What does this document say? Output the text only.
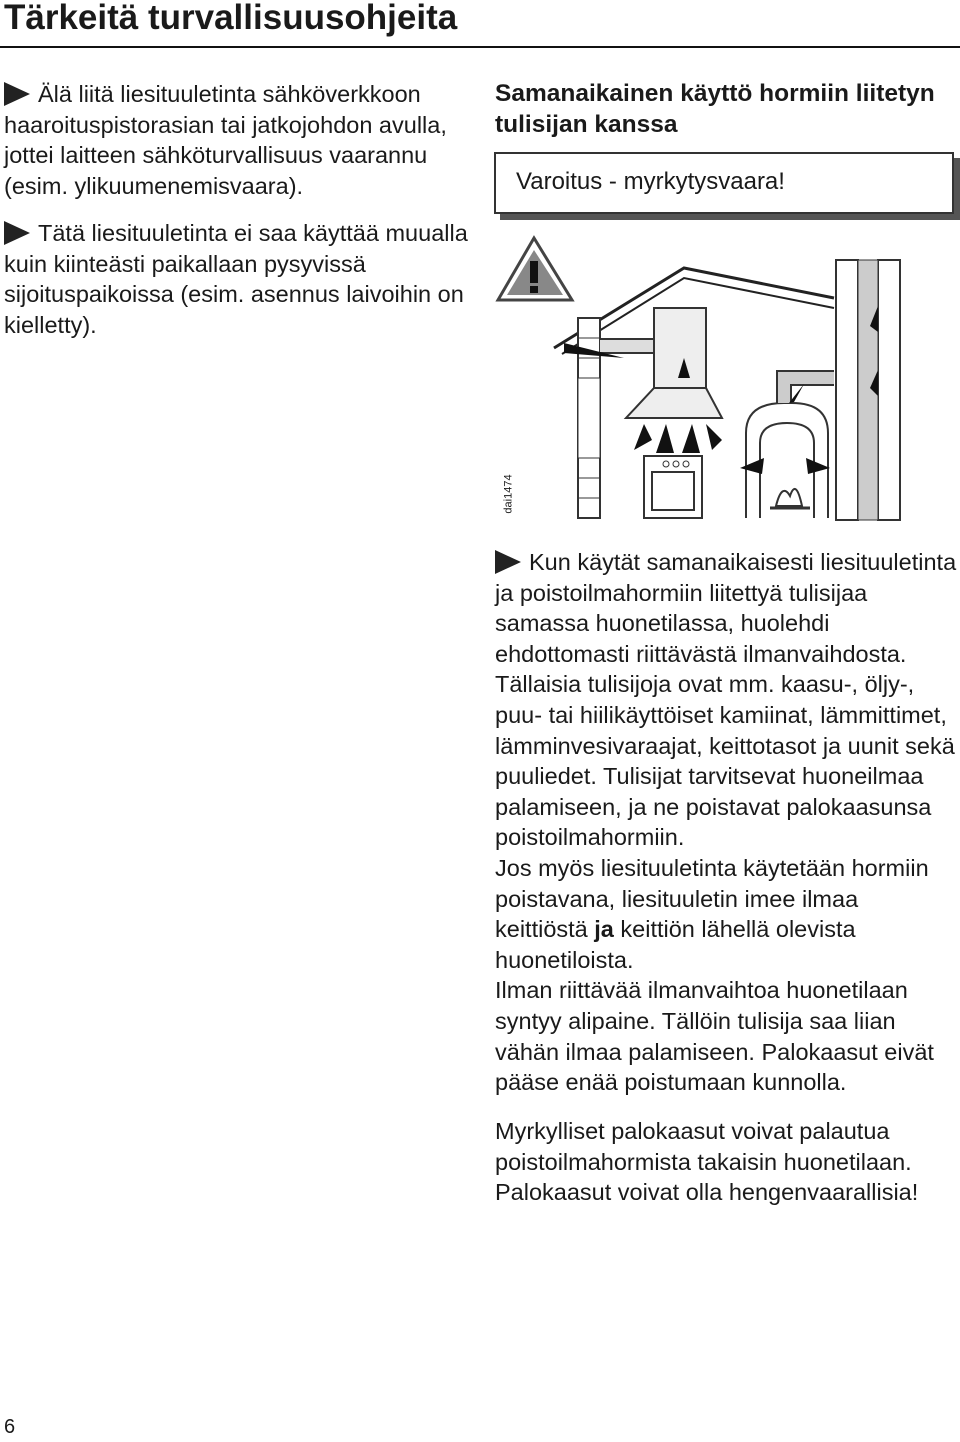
Tärkeitä turvallisuusohjeita

Älä liitä liesituuletinta sähköverkkoon haaroituspistorasian tai jatkojohdon avulla, jottei laitteen sähköturvallisuus vaarannu (esim. ylikuumenemisvaara).

Tätä liesituuletinta ei saa käyttää muualla kuin kiinteästi paikallaan pysyvissä sijoituspaikoissa (esim. asennus laivoihin on kielletty).

Samanaikainen käyttö hormiin liitetyn tulisijan kanssa
Varoitus - myrkytysvaara!
dai1474

Kun käytät samanaikaisesti liesituuletinta ja poistoilmahormiin liitettyä tulisijaa samassa huonetilassa, huolehdi ehdottomasti riittävästä ilmanvaihdosta. Tällaisia tulisijoja ovat mm. kaasu-, öljy-, puu- tai hiilikäyttöiset kamiinat, lämmittimet, lämminvesivaraajat, keittotasot ja uunit sekä puuliedet. Tulisijat tarvitsevat huoneilmaa palamiseen, ja ne poistavat palokaasunsa poistoilmahormiin.
Jos myös liesituuletinta käytetään hormiin poistavana, liesituuletin imee ilmaa keittiöstä ja keittiön lähellä olevista huonetiloista.
Ilman riittävää ilmanvaihtoa huonetilaan syntyy alipaine. Tällöin tulisija saa liian vähän ilmaa palamiseen. Palokaasut eivät pääse enää poistumaan kunnolla.

Myrkylliset palokaasut voivat palautua poistoilmahormista takaisin huonetilaan. Palokaasut voivat olla hengenvaarallisia!

6
